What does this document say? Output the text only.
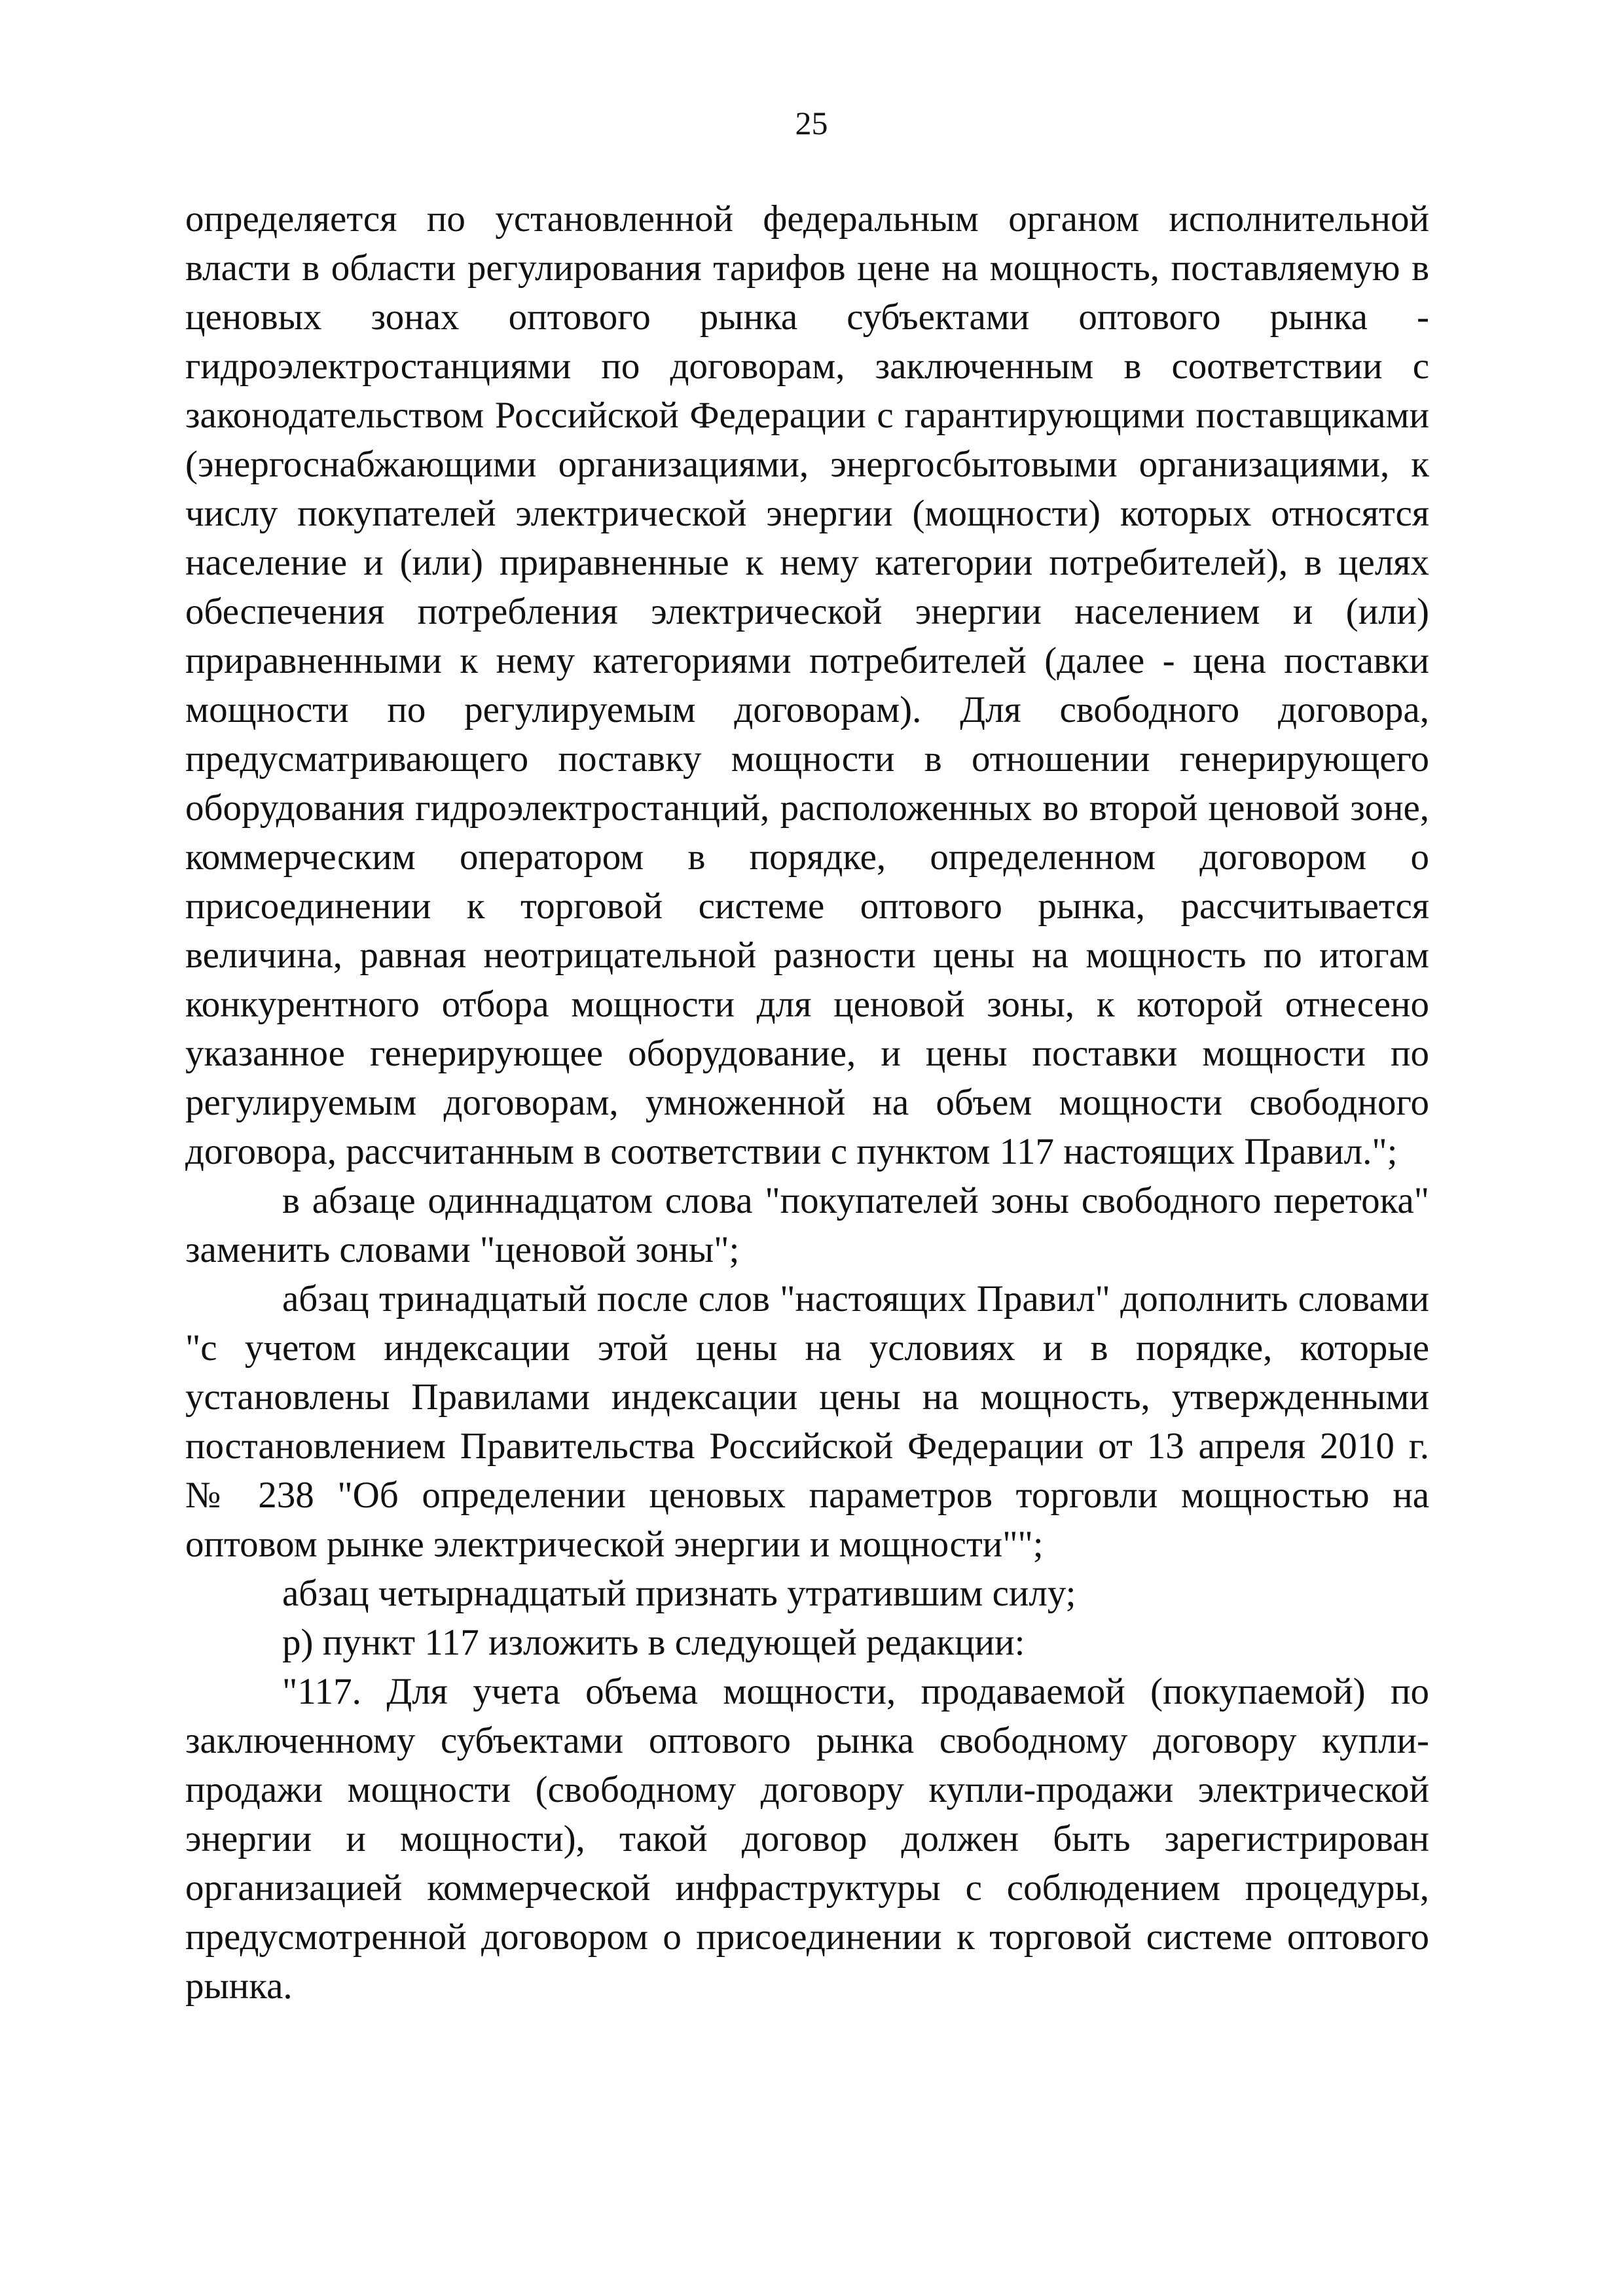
25

определяется по установленной федеральным органом исполнительной власти в области регулирования тарифов цене на мощность, поставляемую в ценовых зонах оптового рынка субъектами оптового рынка - гидроэлектростанциями по договорам, заключенным в соответствии с законодательством Российской Федерации с гарантирующими поставщиками (энергоснабжающими организациями, энергосбытовыми организациями, к числу покупателей электрической энергии (мощности) которых относятся население и (или) приравненные к нему категории потребителей), в целях обеспечения потребления электрической энергии населением и (или) приравненными к нему категориями потребителей (далее - цена поставки мощности по регулируемым договорам). Для свободного договора, предусматривающего поставку мощности в отношении генерирующего оборудования гидроэлектростанций, расположенных во второй ценовой зоне, коммерческим оператором в порядке, определенном договором о присоединении к торговой системе оптового рынка, рассчитывается величина, равная неотрицательной разности цены на мощность по итогам конкурентного отбора мощности для ценовой зоны, к которой отнесено указанное генерирующее оборудование, и цены поставки мощности по регулируемым договорам, умноженной на объем мощности свободного договора, рассчитанным в соответствии с пунктом 117 настоящих Правил.";

в абзаце одиннадцатом слова "покупателей зоны свободного перетока" заменить словами "ценовой зоны";

абзац тринадцатый после слов "настоящих Правил" дополнить словами "с учетом индексации этой цены на условиях и в порядке, которые установлены Правилами индексации цены на мощность, утвержденными постановлением Правительства Российской Федерации от 13 апреля 2010 г. № 238 "Об определении ценовых параметров торговли мощностью на оптовом рынке электрической энергии и мощности"";

абзац четырнадцатый признать утратившим силу;

р) пункт 117 изложить в следующей редакции:

"117. Для учета объема мощности, продаваемой (покупаемой) по заключенному субъектами оптового рынка свободному договору купли-продажи мощности (свободному договору купли-продажи электрической энергии и мощности), такой договор должен быть зарегистрирован организацией коммерческой инфраструктуры с соблюдением процедуры, предусмотренной договором о присоединении к торговой системе оптового рынка.
